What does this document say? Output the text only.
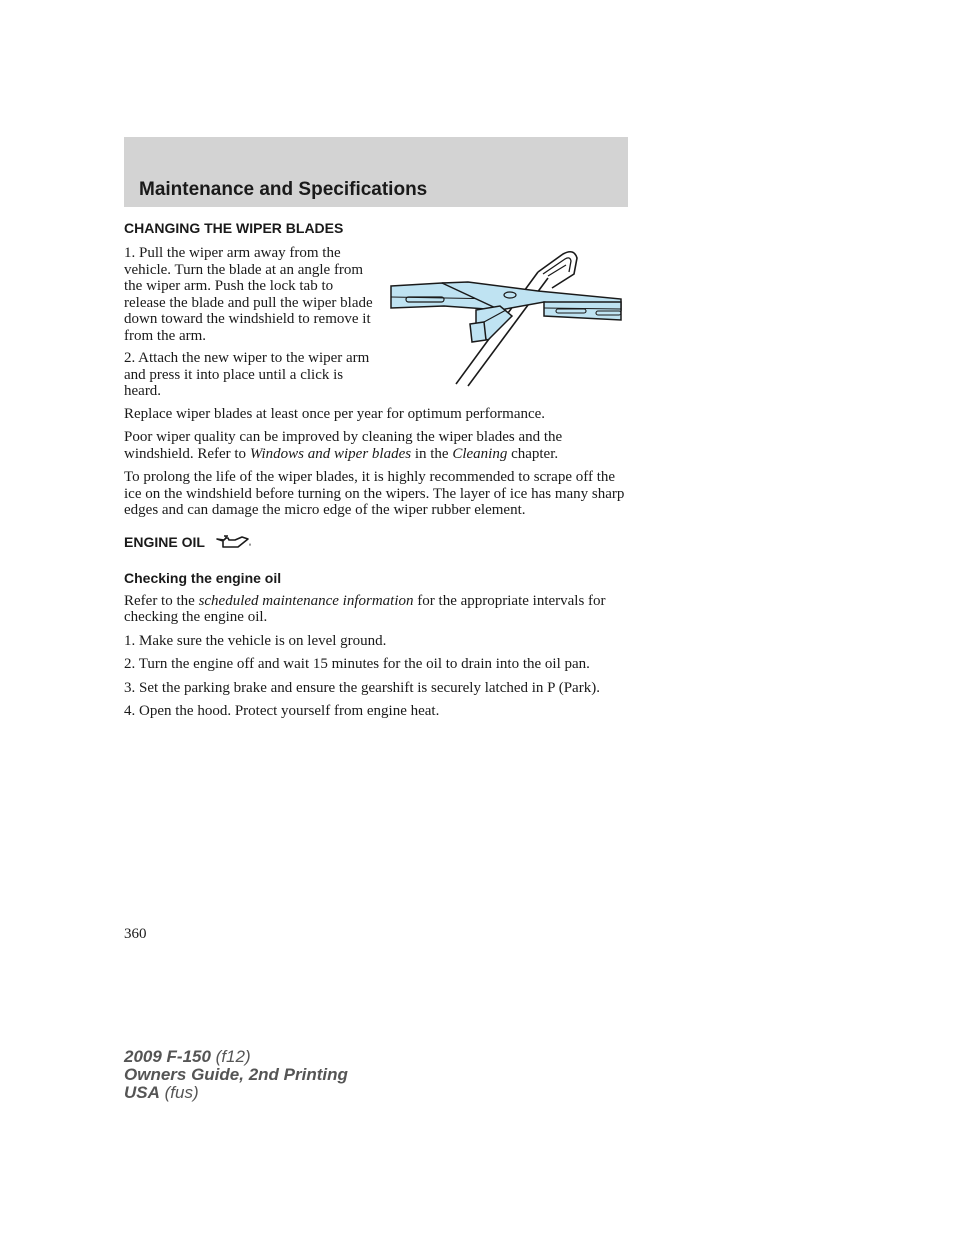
Maintenance and Specifications
CHANGING THE WIPER BLADES

1. Pull the wiper arm away from the vehicle. Turn the blade at an angle from the wiper arm. Push the lock tab to release the blade and pull the wiper blade down toward the windshield to remove it from the arm.

2. Attach the new wiper to the wiper arm and press it into place until a click is heard.

Replace wiper blades at least once per year for optimum performance.

Poor wiper quality can be improved by cleaning the wiper blades and the windshield. Refer to Windows and wiper blades in the Cleaning chapter.

To prolong the life of the wiper blades, it is highly recommended to scrape off the ice on the windshield before turning on the wipers. The layer of ice has many sharp edges and can damage the micro edge of the wiper rubber element.

ENGINE OIL
Checking the engine oil

Refer to the scheduled maintenance information for the appropriate intervals for checking the engine oil.

1. Make sure the vehicle is on level ground.

2. Turn the engine off and wait 15 minutes for the oil to drain into the oil pan.

3. Set the parking brake and ensure the gearshift is securely latched in P (Park).

4. Open the hood. Protect yourself from engine heat.

360

2009 F-150 (f12)
Owners Guide, 2nd Printing
USA (fus)
